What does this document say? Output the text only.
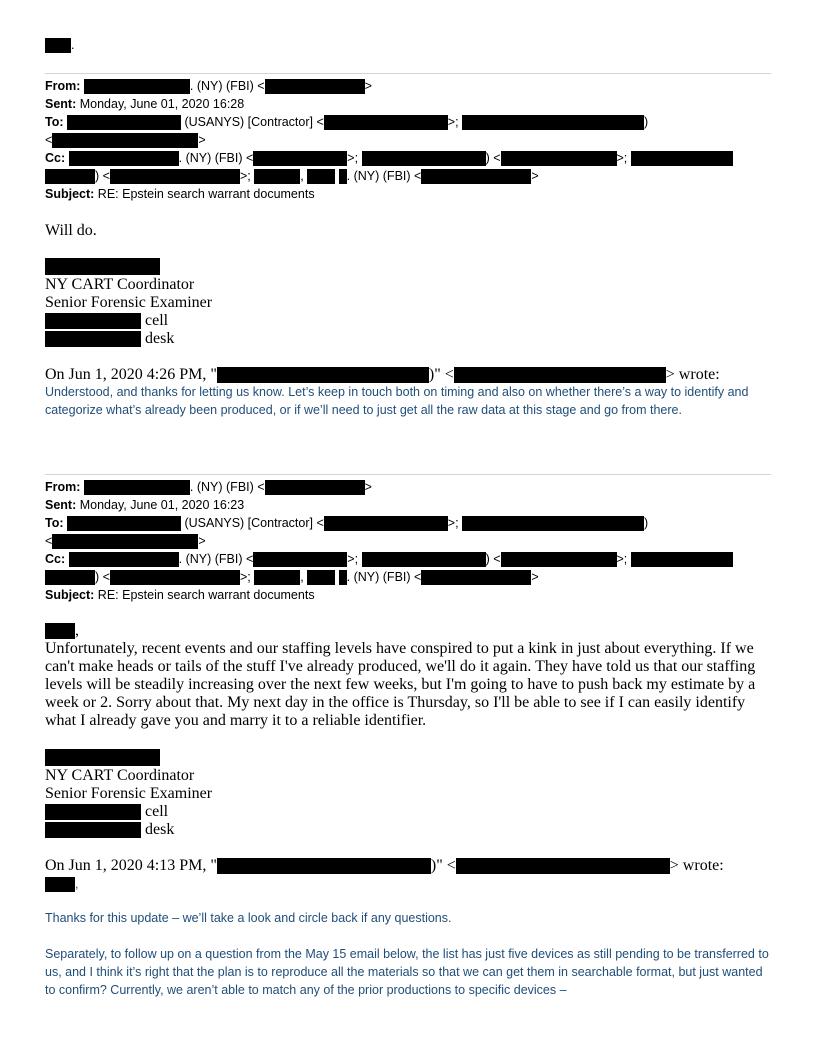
.
From:	. (NY) (FBI) <	>
Sent: Monday, June 01, 2020 16:28
To:	(USANYS) [Contractor] <	>;	)
<	>
Cc:	. (NY) (FBI) <	>;	) <	>;
) <	>;	,	. (NY) (FBI) <	>
Subject: RE: Epstein search warrant documents
Will do.
NY CART Coordinator
Senior Forensic Examiner
cell
desk
On Jun 1, 2020 4:26 PM, "	)" <	> wrote:
Understood, and thanks for letting us know. Let’s keep in touch both on timing and also on whether there’s a way to identify and categorize what’s already been produced, or if we’ll need to just get all the raw data at this stage and go from there.
From:	. (NY) (FBI) <	>
Sent: Monday, June 01, 2020 16:23
To:	(USANYS) [Contractor] <	>;	)
<	>
Cc:	. (NY) (FBI) <	>;	) <	>;
) <	>;	,	. (NY) (FBI) <	>
Subject: RE: Epstein search warrant documents
,
Unfortunately, recent events and our staffing levels have conspired to put a kink in just about everything. If we can't make heads or tails of the stuff I've already produced, we'll do it again. They have told us that our staffing levels will be steadily increasing over the next few weeks, but I'm going to have to push back my estimate by a week or 2. Sorry about that. My next day in the office is Thursday, so I'll be able to see if I can easily identify what I already gave you and marry it to a reliable identifier.
NY CART Coordinator
Senior Forensic Examiner
cell
desk
On Jun 1, 2020 4:13 PM, "	)" <	> wrote:
,
Thanks for this update – we’ll take a look and circle back if any questions.
Separately, to follow up on a question from the May 15 email below, the list has just five devices as still pending to be transferred to us, and I think it’s right that the plan is to reproduce all the materials so that we can get them in searchable format, but just wanted to confirm? Currently, we aren’t able to match any of the prior productions to specific devices –
